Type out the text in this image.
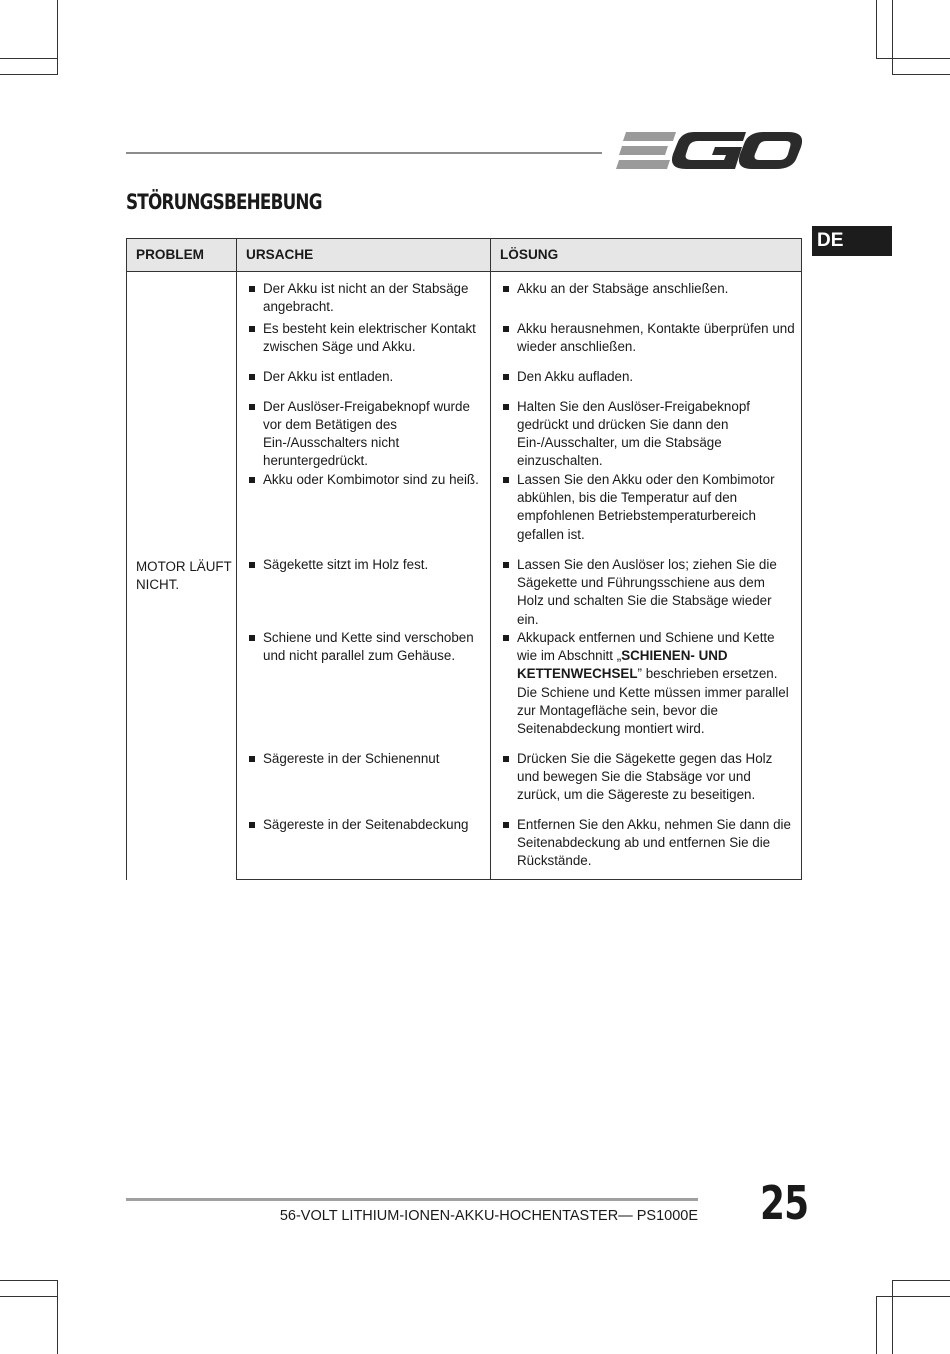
STÖRUNGSBEHEBUNG
DE
PROBLEM	URSACHE	LÖSUNG
MOTOR LÄUFT NICHT.	Der Akku ist nicht an der Stabsäge angebracht.	Akku an der Stabsäge anschließen.

Es besteht kein elektrischer Kontakt zwischen Säge und Akku.	Akku herausnehmen, Kontakte überprüfen und wieder anschließen.

Der Akku ist entladen.	Den Akku aufladen.

Der Auslöser-Freigabeknopf wurde vor dem Betätigen des Ein-/Ausschalters nicht heruntergedrückt.	Halten Sie den Auslöser-Freigabeknopf gedrückt und drücken Sie dann den Ein-/Ausschalter, um die Stabsäge einzuschalten.

Akku oder Kombimotor sind zu heiß.	Lassen Sie den Akku oder den Kombimotor abkühlen, bis die Temperatur auf den empfohlenen Betriebstemperaturbereich gefallen ist.

Sägekette sitzt im Holz fest.	Lassen Sie den Auslöser los; ziehen Sie die Sägekette und Führungsschiene aus dem Holz und schalten Sie die Stabsäge wieder ein.

Schiene und Kette sind verschoben und nicht parallel zum Gehäuse.	Akkupack entfernen und Schiene und Kette wie im Abschnitt „SCHIENEN- UND KETTENWECHSEL” beschrieben ersetzen. Die Schiene und Kette müssen immer parallel zur Montagefläche sein, bevor die Seitenabdeckung montiert wird.

Sägereste in der Schienennut	Drücken Sie die Sägekette gegen das Holz und bewegen Sie die Stabsäge vor und zurück, um die Sägereste zu beseitigen.

Sägereste in der Seitenabdeckung	Entfernen Sie den Akku, nehmen Sie dann die Seitenabdeckung ab und entfernen Sie die Rückstände.
56-VOLT LITHIUM-IONEN-AKKU-HOCHENTASTER— PS1000E 25
